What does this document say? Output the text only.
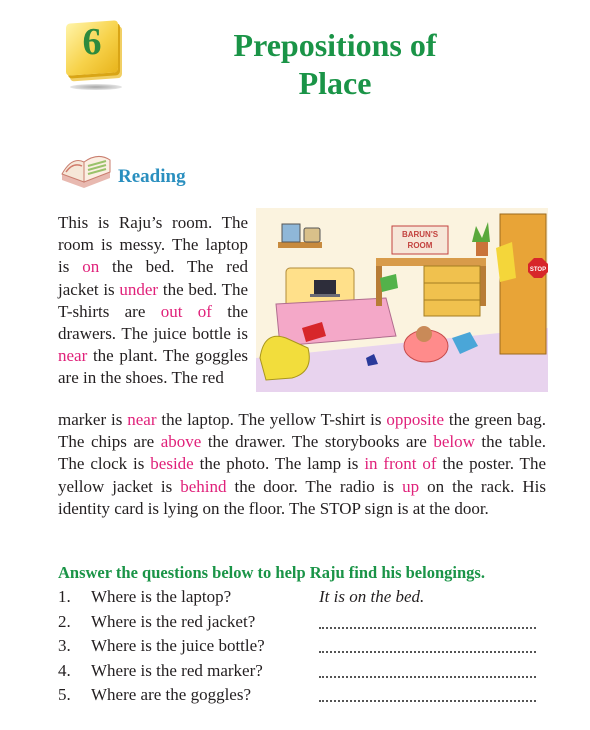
6	Prepositions of
Place
Reading

This is Raju’s room. The room is messy. The laptop is on the bed. The red jacket is under the bed. The T-shirts are out of the drawers. The juice bottle is near the plant. The goggles are in the shoes. The red

BARUN'S
ROOM
STOP

marker is near the laptop. The yellow T-shirt is opposite the green bag. The chips are above the drawer. The storybooks are below the table. The clock is beside the photo. The lamp is in front of the poster. The yellow jacket is behind the door. The radio is up on the rack. His identity card is lying on the floor. The STOP sign is at the door.

Answer the questions below to help Raju find his belongings.
1. Where is the laptop?	It is on the bed.
2. Where is the red jacket?
3. Where is the juice bottle?
4. Where is the red marker?
5. Where are the goggles?
